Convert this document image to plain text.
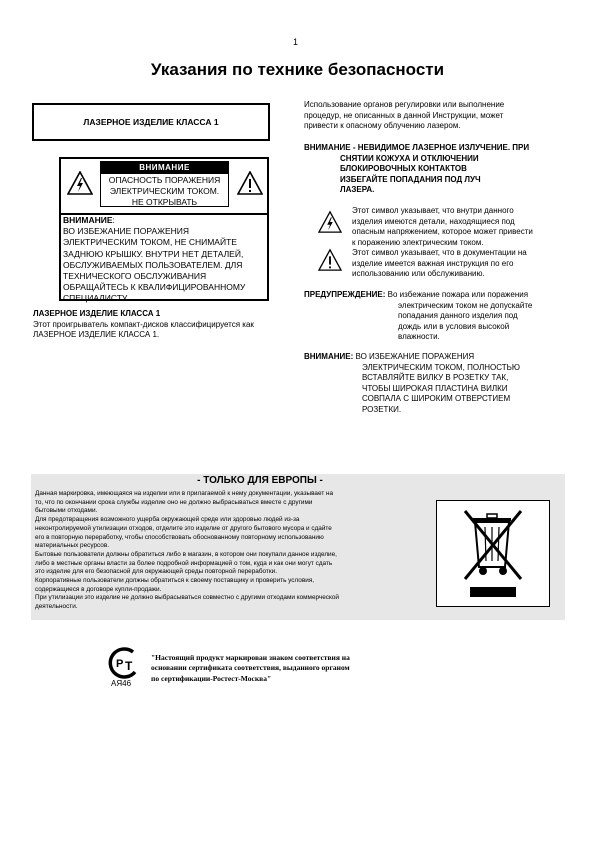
1
Указания по технике безопасности
ЛАЗЕРНОЕ ИЗДЕЛИЕ КЛАССА 1
ВНИМАНИЕ
ОПАСНОСТЬ ПОРАЖЕНИЯ
ЭЛЕКТРИЧЕСКИМ ТОКОМ.
НЕ ОТКРЫВАТЬ
ВНИМАНИЕ:
ВО ИЗБЕЖАНИЕ ПОРАЖЕНИЯ
ЭЛЕКТРИЧЕСКИМ ТОКОМ, НЕ СНИМАЙТЕ
ЗАДНЮЮ КРЫШКУ. ВНУТРИ НЕТ ДЕТАЛЕЙ,
ОБСЛУЖИВАЕМЫХ ПОЛЬЗОВАТЕЛЕМ. ДЛЯ
ТЕХНИЧЕСКОГО ОБСЛУЖИВАНИЯ
ОБРАЩАЙТЕСЬ К КВАЛИФИЦИРОВАННОМУ
СПЕЦИАЛИСТУ.
ЛАЗЕРНОЕ ИЗДЕЛИЕ КЛАССА 1
Этот проигрыватель компакт-дисков классифицируется как
ЛАЗЕРНОЕ ИЗДЕЛИЕ КЛАССА 1.
Использование органов регулировки или выполнение
процедур, не описанных в данной Инструкции, может
привести к опасному облучению лазером.
ВНИМАНИЕ - НЕВИДИМОЕ ЛАЗЕРНОЕ ИЗЛУЧЕНИЕ. ПРИ
СНЯТИИ КОЖУХА И ОТКЛЮЧЕНИИ
БЛОКИРОВОЧНЫХ КОНТАКТОВ
ИЗБЕГАЙТЕ ПОПАДАНИЯ ПОД ЛУЧ
ЛАЗЕРА.
Этот символ указывает, что внутри данного
изделия имеются детали, находящиеся под
опасным напряжением, которое может привести
к поражению электрическим током.
Этот символ указывает, что в документации на
изделие имеется важная инструкция по его
использованию или обслуживанию.
ПРЕДУПРЕЖДЕНИЕ: Во избежание пожара или поражения
электрическим током не допускайте
попадания данного изделия под
дождь или в условия высокой
влажности.
ВНИМАНИЕ: ВО ИЗБЕЖАНИЕ ПОРАЖЕНИЯ
ЭЛЕКТРИЧЕСКИМ ТОКОМ, ПОЛНОСТЬЮ
ВСТАВЛЯЙТЕ ВИЛКУ В РОЗЕТКУ ТАК,
ЧТОБЫ ШИРОКАЯ ПЛАСТИНА ВИЛКИ
СОВПАЛА С ШИРОКИМ ОТВЕРСТИЕМ
РОЗЕТКИ.
- ТОЛЬКО ДЛЯ ЕВРОПЫ -
Данная маркировка, имеющаяся на изделии или в прилагаемой к нему документации, указывает на
то, что по окончании срока службы изделие оно не должно выбрасываться вместе с другими
бытовыми отходами.
Для предотвращения возможного ущерба окружающей среде или здоровью людей из-за
неконтролируемой утилизации отходов, отделите это изделие от другого бытового мусора и сдайте
его в повторную переработку, чтобы способствовать обоснованному повторному использованию
материальных ресурсов.
Бытовые пользователи должны обратиться либо в магазин, в котором они покупали данное изделие,
либо в местные органы власти за более подробной информацией о том, куда и как они могут сдать
это изделие для его безопасной для окружающей среды повторной переработки.
Корпоративные пользователи должны обратиться к своему поставщику и проверить условия,
содержащиеся в договоре купли-продажи.
При утилизации это изделие не должно выбрасываться совместно с другими отходами коммерческой
деятельности.
Р Т
АЯ46
"Настоящий продукт маркирован знаком соответствия на
основании сертификата соответствия, выданного органом
по сертификации-Ростест-Москва"
